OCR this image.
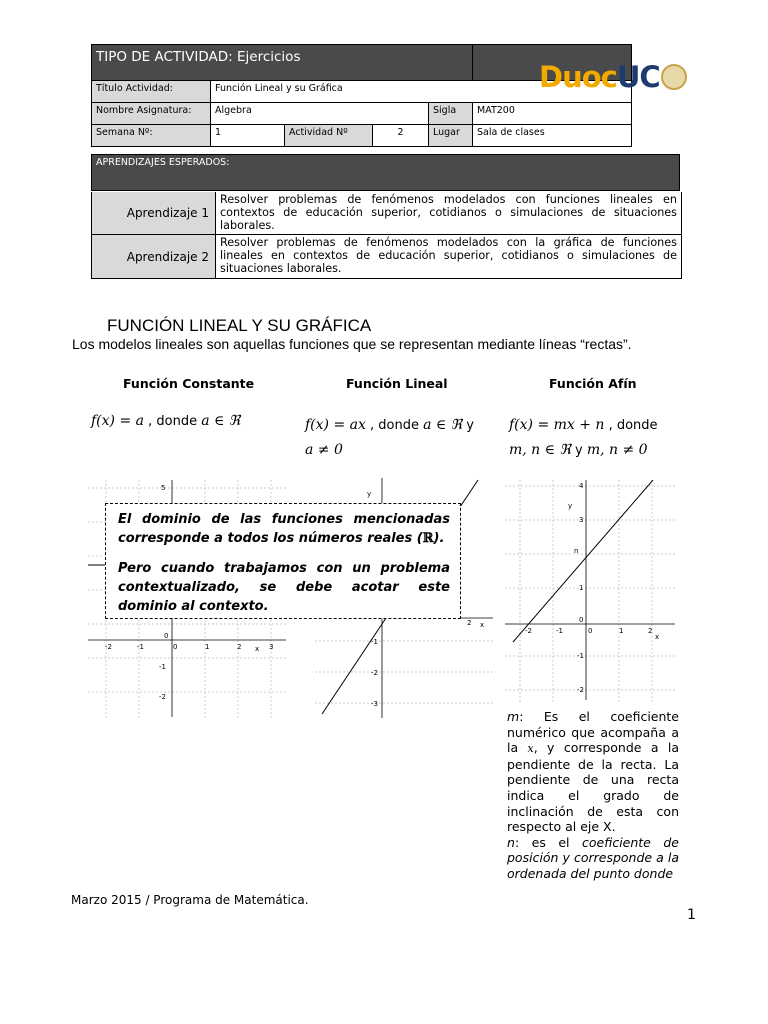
TIPO DE ACTIVIDAD: Ejercicios					
Título Actividad:	Función Lineal y su Gráfica				
Nombre Asignatura:	Algebra			Sigla	MAT200
Semana Nº:	1	Actividad Nº	2	Lugar	Sala de clases
APRENDIZAJES ESPERADOS:
Aprendizaje 1
Resolver problemas de fenómenos modelados con funciones lineales en contextos de educación superior, cotidianos o simulaciones de situaciones laborales.
Aprendizaje 2
Resolver problemas de fenómenos modelados con la gráfica de funciones lineales en contextos de educación superior, cotidianos o simulaciones de situaciones laborales.
DuocUC
FUNCIÓN LINEAL Y SU GRÁFICA
Los modelos lineales son aquellas funciones que se representan mediante líneas “rectas”.
Función Constante	Función Lineal	Función Afín
f(x) = a , donde a ∈ ℜ	f(x) = ax , donde a ∈ ℜ y
a ≠ 0
f(x) = mx + n , donde
m, n ∈ ℜ y m, n ≠ 0
5
0
-1
-2
-2	-1	0	1	2 x 3
y
2 x
-1
-2
-3

El dominio de las funciones mencionadas corresponde a todos los números reales (ℝ).

Pero cuando trabajamos con un problema contextualizado, se debe acotar este dominio al contexto.

4
y
3
n
1
0
-1
-2
-2	-1	0	1	2
x
m: Es el coeficiente numérico que acompaña a la x, y corresponde a la pendiente de la recta. La pendiente de una recta indica el grado de inclinación de esta con respecto al eje X.
n: es el coeficiente de posición y corresponde a la ordenada del punto donde
Marzo 2015 / Programa de Matemática.
1
